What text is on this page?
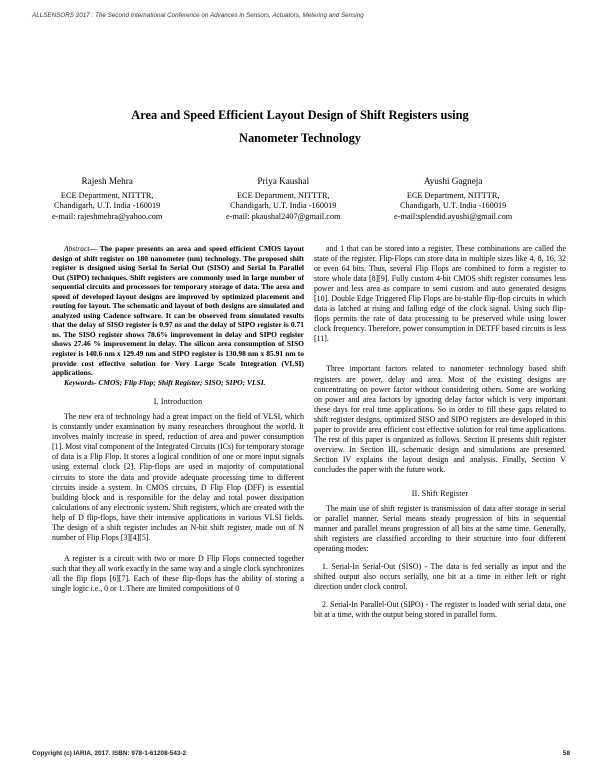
ALLSENSORS 2017 : The Second International Conference on Advances in Sensors, Actuators, Metering and Sensing
Area and Speed Efficient Layout Design of Shift Registers using
Nanometer Technology
Rajesh Mehra
ECE Department, NITTTR,
Chandigarh, U.T. India -160019
e-mail: rajeshmehra@yahoo.com
Priya Kaushal
ECE Department, NITTTR,
Chandigarh, U.T. India -160019
e-mail: pkaushal2407@gmail.com
Ayushi Gagneja
ECE Department, NITTTR,
Chandigarh, U.T. India -160019
e-mail:splendid.ayushi@gmail.com

Abstract— The paper presents an area and speed efficient CMOS layout design of shift register on 180 nanometer (nm) technology. The proposed shift register is designed using Serial In Serial Out (SISO) and Serial In Parallel Out (SIPO) techniques. Shift registers are commonly used in large number of sequential circuits and processors for temporary storage of data. The area and speed of developed layout designs are improved by optimized placement and routing for layout. The schematic and layout of both designs are simulated and analyzed using Cadence software. It can be observed from simulated results that the delay of SISO register is 0.97 ns and the delay of SIPO register is 0.71 ns. The SISO register shows 78.6% improvement in delay and SIPO register shows 27.46 % improvement in delay. The silicon area consumption of SISO register is 140.6 nm x 129.49 nm and SIPO register is 130.98 nm x 85.91 nm to provide cost effective solution for Very Large Scale Integration (VLSI) applications.

Keywords- CMOS; Flip Flop; Shift Register; SISO; SIPO; VLSI.

I. Introduction

The new era of technology had a great impact on the field of VLSI, which is constantly under examination by many researchers throughout the world. It involves mainly increase in speed, reduction of area and power consumption [1]. Most vital component of the Integrated Circuits (ICs) for temporary storage of data is a Flip Flop. It stores a logical condition of one or more input signals using external clock [2]. Flip-flops are used in majority of computational circuits to store the data and provide adequate processing time to different circuits inside a system. In CMOS circuits, D Flip Flop (DFF) is essential building block and is responsible for the delay and total power dissipation calculations of any electronic system. Shift registers, which are created with the help of D flip-flops, have their intensive applications in various VLSI fields. The design of a shift register includes an N-bit shift register, made out of N number of Flip Flops [3][4][5].

A register is a circuit with two or more D Flip Flops connected together such that they all work exactly in the same way and a single clock synchronizes all the flip flops [6][7]. Each of these flip-flops has the ability of storing a single logic i.e., 0 or 1. There are limited compositions of 0

and 1 that can be stored into a register. These combinations are called the state of the register. Flip-Flops can store data in multiple sizes like 4, 8, 16, 32 or even 64 bits. Thus, several Flip Flops are combined to form a register to store whole data [8][9]. Fully custom 4-bit CMOS shift register consumes less power and less area as compare to semi custom and auto generated designs [10]. Double Edge Triggered Flip Flops are bi-stable flip-flop circuits in which data is latched at rising and falling edge of the clock signal. Using such flip-flops permits the rate of data processing to be preserved while using lower clock frequency. Therefore, power consumption in DETFF based circuits is less [11].

Three important factors related to nanometer technology based shift registers are power, delay and area. Most of the existing designs are concentrating on power factor without considering others. Some are working on power and area factors by ignoring delay factor which is very important these days for real time applications. So in order to fill these gaps related to shift register designs, optimized SISO and SIPO registers are developed in this paper to provide area efficient cost effective solution for real time applications. The rest of this paper is organized as follows. Section II presents shift register overview. In Section III, schematic design and simulations are presented. Section IV explains the layout design and analysis. Finally, Section V concludes the paper with the future work.

II. Shift Register

The main use of shift register is transmission of data after storage in serial or parallel manner. Serial means steady progression of bits in sequential manner and parallel means progression of all bits at the same time. Generally, shift registers are classified according to their structure into four different operating modes:

1. Serial-In Serial-Out (SISO) - The data is fed serially as input and the shifted output also occurs serially, one bit at a time in either left or right direction under clock control.

2. Serial-In Parallel-Out (SIPO) - The register is loaded with serial data, one bit at a time, with the output being stored in parallel form.

Copyright (c) IARIA, 2017. ISBN: 978-1-61208-543-2	58
